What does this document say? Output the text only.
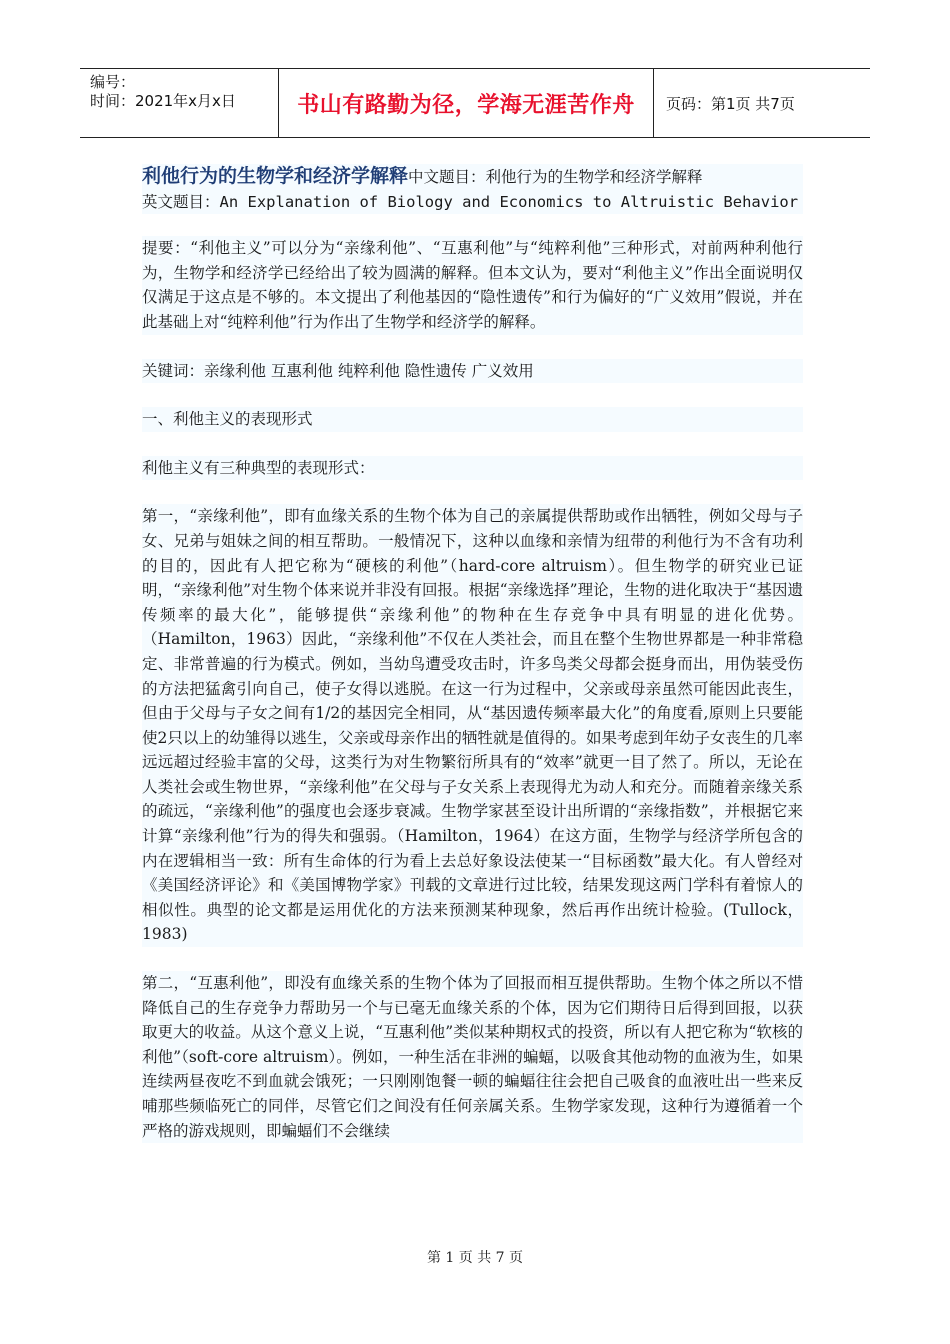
编号：
时间：2021年x月x日	书山有路勤为径，学海无涯苦作舟	页码：第1页 共7页

利他行为的生物学和经济学解释中文题目：利他行为的生物学和经济学解释

英文题目：An Explanation of Biology and Economics to Altruistic Behavior

提要：“利他主义”可以分为“亲缘利他”、“互惠利他”与“纯粹利他”三种形式，对前两种利他行为，生物学和经济学已经给出了较为圆满的解释。但本文认为，要对“利他主义”作出全面说明仅仅满足于这点是不够的。本文提出了利他基因的“隐性遗传”和行为偏好的“广义效用”假说，并在此基础上对“纯粹利他”行为作出了生物学和经济学的解释。

关键词：亲缘利他 互惠利他 纯粹利他 隐性遗传 广义效用

一、利他主义的表现形式

利他主义有三种典型的表现形式：

第一，“亲缘利他”，即有血缘关系的生物个体为自己的亲属提供帮助或作出牺牲，例如父母与子女、兄弟与姐妹之间的相互帮助。一般情况下，这种以血缘和亲情为纽带的利他行为不含有功利的目的，因此有人把它称为“硬核的利他”（hard-core altruism）。但生物学的研究业已证明，“亲缘利他”对生物个体来说并非没有回报。根据“亲缘选择”理论，生物的进化取决于“基因遗传频率的最大化”，能够提供“亲缘利他”的物种在生存竞争中具有明显的进化优势。（Hamilton，1963）因此，“亲缘利他”不仅在人类社会，而且在整个生物世界都是一种非常稳定、非常普遍的行为模式。例如，当幼鸟遭受攻击时，许多鸟类父母都会挺身而出，用伪装受伤的方法把猛禽引向自己，使子女得以逃脱。在这一行为过程中，父亲或母亲虽然可能因此丧生，但由于父母与子女之间有1/2的基因完全相同，从“基因遗传频率最大化”的角度看,原则上只要能使2只以上的幼雏得以逃生，父亲或母亲作出的牺牲就是值得的。如果考虑到年幼子女丧生的几率远远超过经验丰富的父母，这类行为对生物繁衍所具有的“效率”就更一目了然了。所以，无论在人类社会或生物世界，“亲缘利他”在父母与子女关系上表现得尤为动人和充分。而随着亲缘关系的疏远，“亲缘利他”的强度也会逐步衰减。生物学家甚至设计出所谓的“亲缘指数”，并根据它来计算“亲缘利他”行为的得失和强弱。（Hamilton，1964）在这方面，生物学与经济学所包含的内在逻辑相当一致：所有生命体的行为看上去总好象设法使某一“目标函数”最大化。有人曾经对《美国经济评论》和《美国博物学家》刊载的文章进行过比较，结果发现这两门学科有着惊人的相似性。典型的论文都是运用优化的方法来预测某种现象，然后再作出统计检验。(Tullock，1983)

第二，“互惠利他”，即没有血缘关系的生物个体为了回报而相互提供帮助。生物个体之所以不惜降低自己的生存竞争力帮助另一个与已毫无血缘关系的个体，因为它们期待日后得到回报，以获取更大的收益。从这个意义上说，“互惠利他”类似某种期权式的投资，所以有人把它称为“软核的利他”（soft-core altruism）。例如，一种生活在非洲的蝙蝠，以吸食其他动物的血液为生，如果连续两昼夜吃不到血就会饿死；一只刚刚饱餐一顿的蝙蝠往往会把自己吸食的血液吐出一些来反哺那些频临死亡的同伴，尽管它们之间没有任何亲属关系。生物学家发现，这种行为遵循着一个严格的游戏规则，即蝙蝠们不会继续

第 1 页 共 7 页
